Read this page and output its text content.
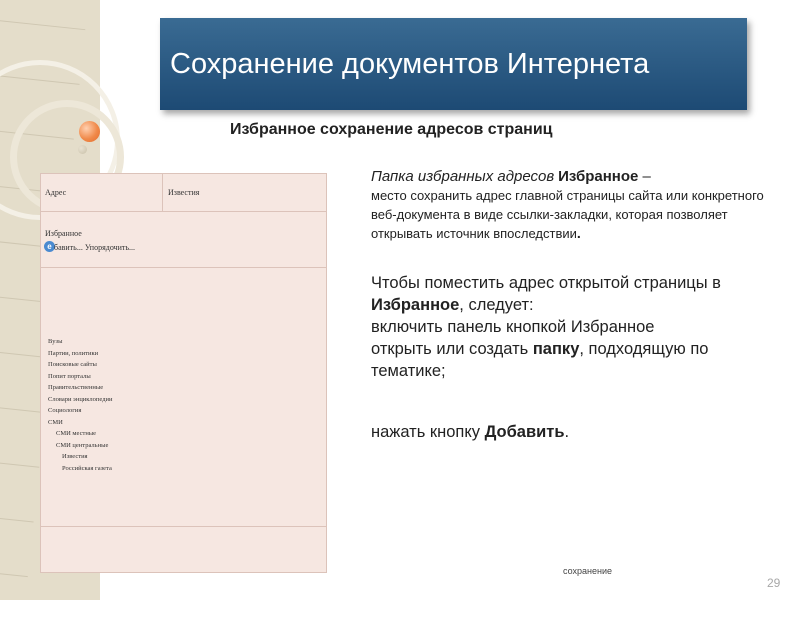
Сохранение документов Интернета
Избранное сохранение адресов страниц
Адрес	Известия
Избранное
e бавить... Упорядочить...
Вузы
Партии, политики
Поисковые сайты
Попит порталы
Правительственные
Словари энциклопедии
Социология
СМИ
СМИ местные
СМИ центральные
Известия
Российская газета
Папка избранных адресов Избранное –
место сохранить адрес главной страницы сайта или конкретного веб-документа в виде ссылки-закладки, которая позволяет открывать источник впоследствии.
Чтобы поместить адрес открытой страницы в Избранное, следует:
включить панель кнопкой Избранное
открыть или создать папку, подходящую по тематике;
нажать кнопку Добавить.
сохранение
29
